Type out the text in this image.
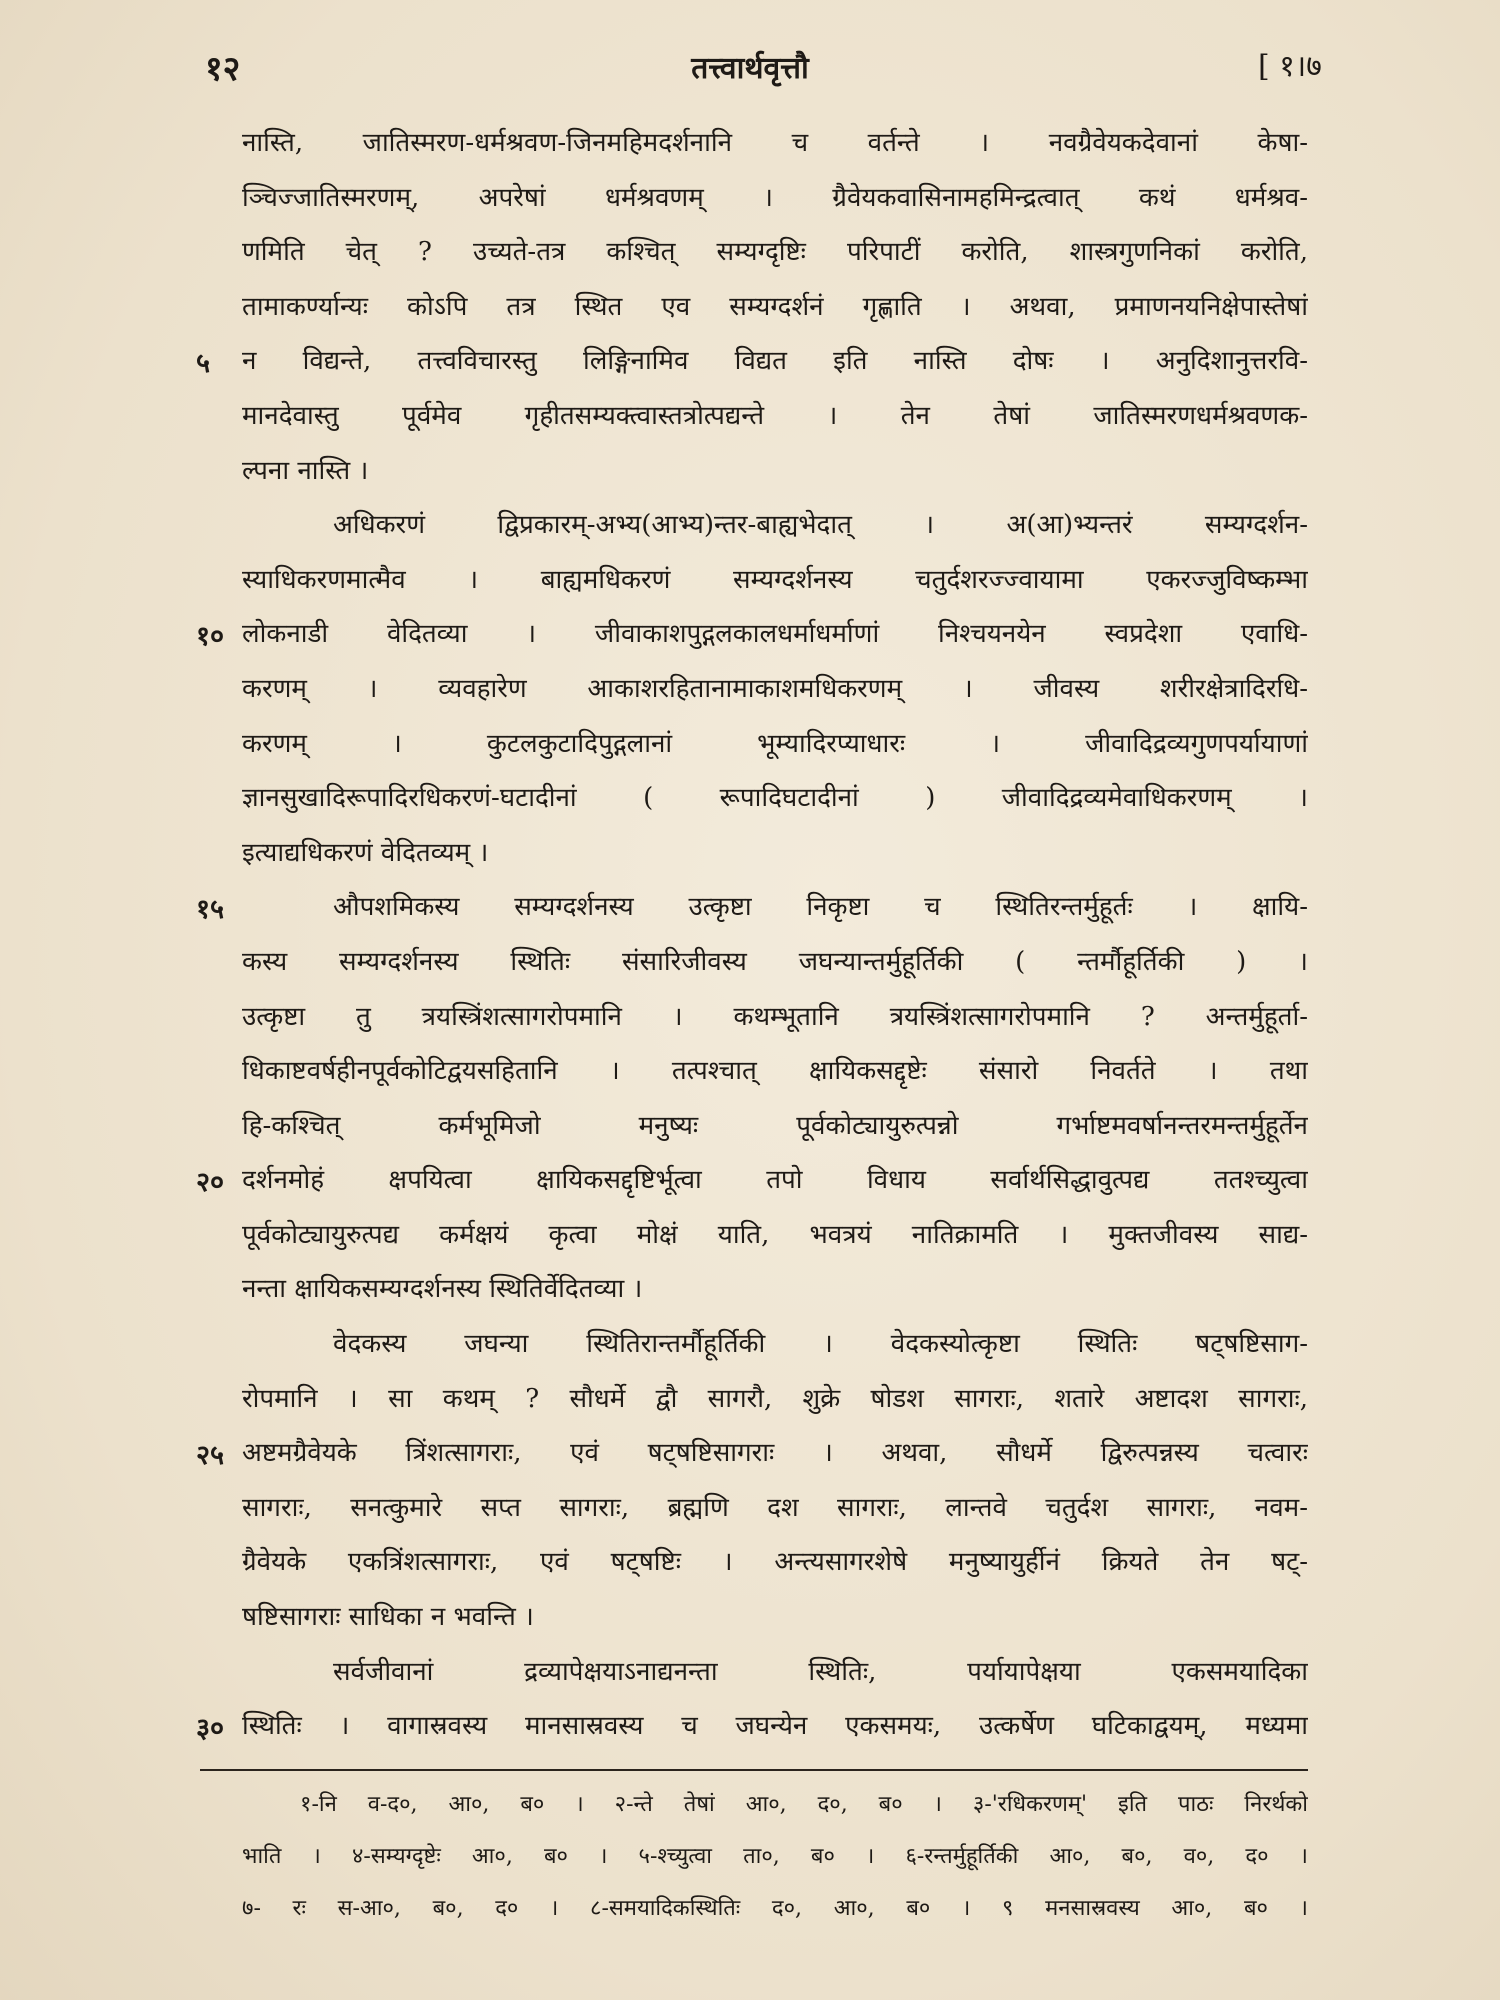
१२	तत्त्वार्थवृत्तौ	[ १।७
नास्ति, जातिस्मरण-धर्मश्रवण-जिनमहिमदर्शनानि च वर्तन्ते । नवग्रैवेयकदेवानां केषा-
ञ्चिज्जातिस्मरणम्, अपरेषां धर्मश्रवणम् । ग्रैवेयकवासिनामहमिन्द्रत्वात् कथं धर्मश्रव-
णमिति चेत् ? उच्यते-तत्र कश्चित् सम्यग्दृष्टिः परिपाटीं करोति, शास्त्रगुणनिकां करोति,
तामाकर्ण्यान्यः कोऽपि तत्र स्थित एव सम्यग्दर्शनं गृह्णाति । अथवा, प्रमाणनयनिक्षेपास्तेषां
५	न विद्यन्ते, तत्त्वविचारस्तु लिङ्गिनामिव विद्यत इति नास्ति दोषः । अनुदिशानुत्तरवि-
मानदेवास्तु पूर्वमेव गृहीतसम्यक्त्वास्तत्रोत्पद्यन्ते । तेन तेषां जातिस्मरणधर्मश्रवणक-
ल्पना नास्ति ।
अधिकरणं द्विप्रकारम्-अभ्य(आभ्य)न्तर-बाह्यभेदात् । अ(आ)भ्यन्तरं सम्यग्दर्शन-
स्याधिकरणमात्मैव । बाह्यमधिकरणं सम्यग्दर्शनस्य चतुर्दशरज्ज्वायामा एकरज्जुविष्कम्भा
१० लोकनाडी वेदितव्या । जीवाकाशपुद्गलकालधर्माधर्माणां निश्चयनयेन स्वप्रदेशा एवाधि-
करणम् । व्यवहारेण आकाशरहितानामाकाशमधिकरणम् । जीवस्य शरीरक्षेत्रादिरधि-
करणम् । कुटलकुटादिपुद्गलानां भूम्यादिरप्याधारः । जीवादिद्रव्यगुणपर्यायाणां
ज्ञानसुखादिरूपादिरधिकरणं-घटादीनां ( रूपादिघटादीनां ) जीवादिद्रव्यमेवाधिकरणम् ।
इत्याद्यधिकरणं वेदितव्यम् ।
१५	औपशमिकस्य सम्यग्दर्शनस्य उत्कृष्टा निकृष्टा च स्थितिरन्तर्मुहूर्तः । क्षायि-
कस्य सम्यग्दर्शनस्य स्थितिः संसारिजीवस्य जघन्यान्तर्मुहूर्तिकी ( न्तर्मौहूर्तिकी ) ।
उत्कृष्टा तु त्रयस्त्रिंशत्सागरोपमानि । कथम्भूतानि त्रयस्त्रिंशत्सागरोपमानि ? अन्तर्मुहूर्ता-
धिकाष्टवर्षहीनपूर्वकोटिद्वयसहितानि । तत्पश्चात् क्षायिकसद्दृष्टेः संसारो निवर्तते । तथा
हि-कश्चित् कर्मभूमिजो मनुष्यः पूर्वकोट्यायुरुत्पन्नो गर्भाष्टमवर्षानन्तरमन्तर्मुहूर्तेन
२० दर्शनमोहं क्षपयित्वा क्षायिकसद्दृष्टिर्भूत्वा तपो विधाय सर्वार्थसिद्धावुत्पद्य ततश्च्युत्वा
पूर्वकोट्यायुरुत्पद्य कर्मक्षयं कृत्वा मोक्षं याति, भवत्रयं नातिक्रामति । मुक्तजीवस्य साद्य-
नन्ता क्षायिकसम्यग्दर्शनस्य स्थितिर्वेदितव्या ।
वेदकस्य जघन्या स्थितिरान्तर्मौहूर्तिकी । वेदकस्योत्कृष्टा स्थितिः षट्षष्टिसाग-
रोपमानि । सा कथम् ? सौधर्मे द्वौ सागरौ, शुक्रे षोडश सागराः, शतारे अष्टादश सागराः,
२५ अष्टमग्रैवेयके त्रिंशत्सागराः, एवं षट्षष्टिसागराः । अथवा, सौधर्मे द्विरुत्पन्नस्य चत्वारः
सागराः, सनत्कुमारे सप्त सागराः, ब्रह्मणि दश सागराः, लान्तवे चतुर्दश सागराः, नवम-
ग्रैवेयके एकत्रिंशत्सागराः, एवं षट्षष्टिः । अन्त्यसागरशेषे मनुष्यायुर्हीनं क्रियते तेन षट्-
षष्टिसागराः साधिका न भवन्ति ।
सर्वजीवानां द्रव्यापेक्षयाऽनाद्यनन्ता स्थितिः, पर्यायापेक्षया एकसमयादिका
३० स्थितिः । वागास्रवस्य मानसास्रवस्य च जघन्येन एकसमयः, उत्कर्षेण घटिकाद्वयम्, मध्यमा
१-नि व-द०, आ०, ब० । २-न्ते तेषां आ०, द०, ब० । ३-'रधिकरणम्' इति पाठः निरर्थको
भाति । ४-सम्यग्दृष्टेः आ०, ब० । ५-श्च्युत्वा ता०, ब० । ६-रन्तर्मुहूर्तिकी आ०, ब०, व०, द० ।
७- रः स-आ०, ब०, द० । ८-समयादिकस्थितिः द०, आ०, ब० । ९ मनसास्रवस्य आ०, ब० ।
